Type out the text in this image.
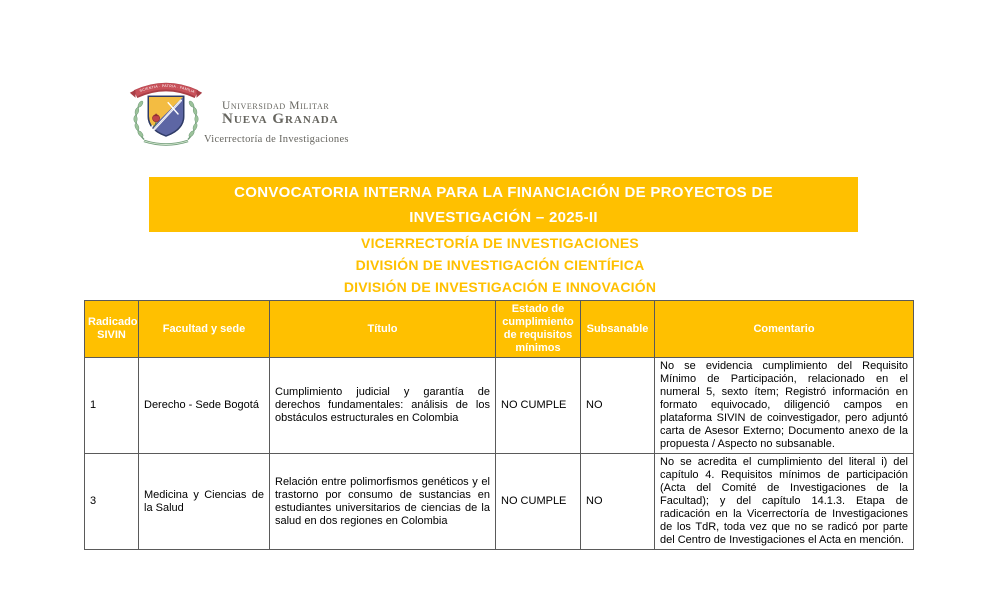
SCIENTIA · PATRIA · FAMILIA
Universidad Militar
Nueva Granada
Vicerrectoría de Investigaciones
CONVOCATORIA INTERNA PARA LA FINANCIACIÓN DE PROYECTOS DE
INVESTIGACIÓN – 2025-II
VICERRECTORÍA DE INVESTIGACIONES
DIVISIÓN DE INVESTIGACIÓN CIENTÍFICA
DIVISIÓN DE INVESTIGACIÓN E INNOVACIÓN
Radicado SIVIN	Facultad y sede	Título	Estado de cumplimiento de requisitos mínimos	Subsanable	Comentario
1	Derecho - Sede Bogotá	Cumplimiento judicial y garantía de derechos fundamentales: análisis de los obstáculos estructurales en Colombia	NO CUMPLE	NO	No se evidencia cumplimiento del Requisito Mínimo de Participación, relacionado en el numeral 5, sexto ítem; Registró información en formato equivocado, diligenció campos en plataforma SIVIN de coinvestigador, pero adjuntó carta de Asesor Externo; Documento anexo de la propuesta / Aspecto no subsanable.
3	Medicina y Ciencias de la Salud	Relación entre polimorfismos genéticos y el trastorno por consumo de sustancias en estudiantes universitarios de ciencias de la salud en dos regiones en Colombia	NO CUMPLE	NO	No se acredita el cumplimiento del literal i) del capítulo 4. Requisitos mínimos de participación (Acta del Comité de Investigaciones de la Facultad); y del capítulo 14.1.3. Etapa de radicación en la Vicerrectoría de Investigaciones de los TdR, toda vez que no se radicó por parte del Centro de Investigaciones el Acta en mención.
